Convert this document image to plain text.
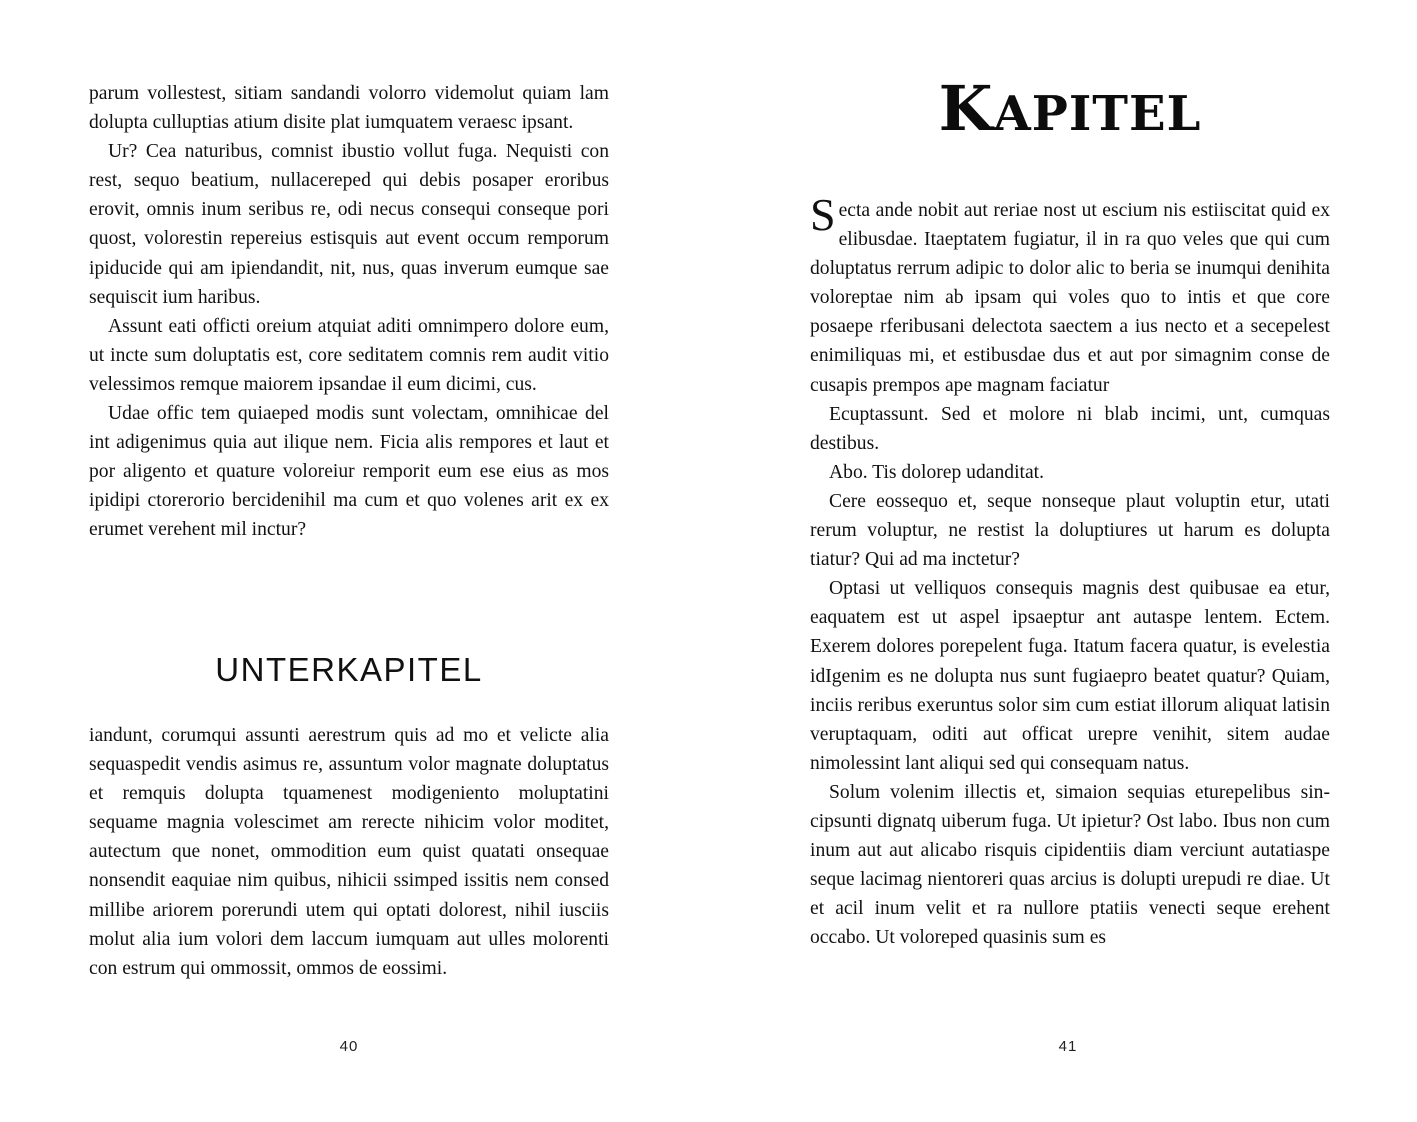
parum vollestest, sitiam sandandi volorro videmolut quiam lam dolupta culluptias atium disite plat iumquatem veraesc ipsant.

Ur? Cea naturibus, comnist ibustio vollut fuga. Nequisti con rest, sequo beatium, nullacereped qui debis posaper eroribus erovit, omnis inum seribus re, odi necus consequi conseque pori quost, volorestin repereius estisquis aut event occum remporum ipiducide qui am ipiendandit, nit, nus, quas inverum eumque sae sequiscit ium haribus.

Assunt eati officti oreium atquiat aditi omnimpero dolore eum, ut incte sum doluptatis est, core seditatem comnis rem audit vitio velessimos remque maiorem ipsandae il eum dicimi, cus.

Udae offic tem quiaeped modis sunt volectam, omnihicae del int adigenimus quia aut ilique nem. Ficia alis rempores et laut et por aligento et quature voloreiur remporit eum ese eius as mos ipidipi ctorerorio bercidenihil ma cum et quo volenes arit ex ex erumet verehent mil inctur?

UNTERKAPITEL

iandunt, corumqui assunti aerestrum quis ad mo et velicte alia sequaspedit vendis asimus re, assuntum volor magnate doluptatus et remquis dolupta tquamenest modigeniento moluptatini sequame magnia volescimet am rerecte nihicim volor moditet, autectum que nonet, ommodition eum quist quatati onsequae nonsendit eaquiae nim quibus, nihicii ssimped issitis nem consed millibe ariorem porerundi utem qui optati dolorest, nihil iusciis molut alia ium volori dem laccum iumquam aut ulles molorenti con estrum qui ommossit, ommos de eossimi.

40
KAPITEL

Secta ande nobit aut reriae nost ut escium nis estiiscitat quid ex elibusdae. Itaeptatem fugiatur, il in ra quo veles que qui cum doluptatus rerrum adipic to dolor alic to beria se inumqui denihita voloreptae nim ab ipsam qui voles quo to intis et que core posaepe rferibusani delectota saectem a ius necto et a secepelest enimiliquas mi, et estibusdae dus et aut por simagnim conse de cusapis prempos ape magnam faciatur

Ecuptassunt. Sed et molore ni blab incimi, unt, cumquas destibus.

Abo. Tis dolorep udanditat.

Cere eossequo et, seque nonseque plaut voluptin etur, utati rerum voluptur, ne restist la doluptiures ut harum es dolupta tiatur? Qui ad ma inctetur?

Optasi ut velliquos consequis magnis dest quibusae ea etur, eaquatem est ut aspel ipsaeptur ant autaspe lentem. Ectem. Exerem dolores porepelent fuga. Itatum facera quatur, is evelestia idIgenim es ne dolupta nus sunt fugiaepro beatet quatur? Quiam, inciis reribus exeruntus solor sim cum estiat illorum aliquat latisin veruptaquam, oditi aut officat urepre venihit, sitem audae nimolessint lant aliqui sed qui consequam natus.

Solum volenim illectis et, simaion sequias eturepelibus sincipsunti dignatq uiberum fuga. Ut ipietur? Ost labo. Ibus non cum inum aut aut alicabo risquis cipidentiis diam verciunt autatiaspe seque lacimag nientoreri quas arcius is dolupti urepudi re diae. Ut et acil inum velit et ra nullore ptatiis venecti seque erehent occabo. Ut voloreped quasinis sum es

41
